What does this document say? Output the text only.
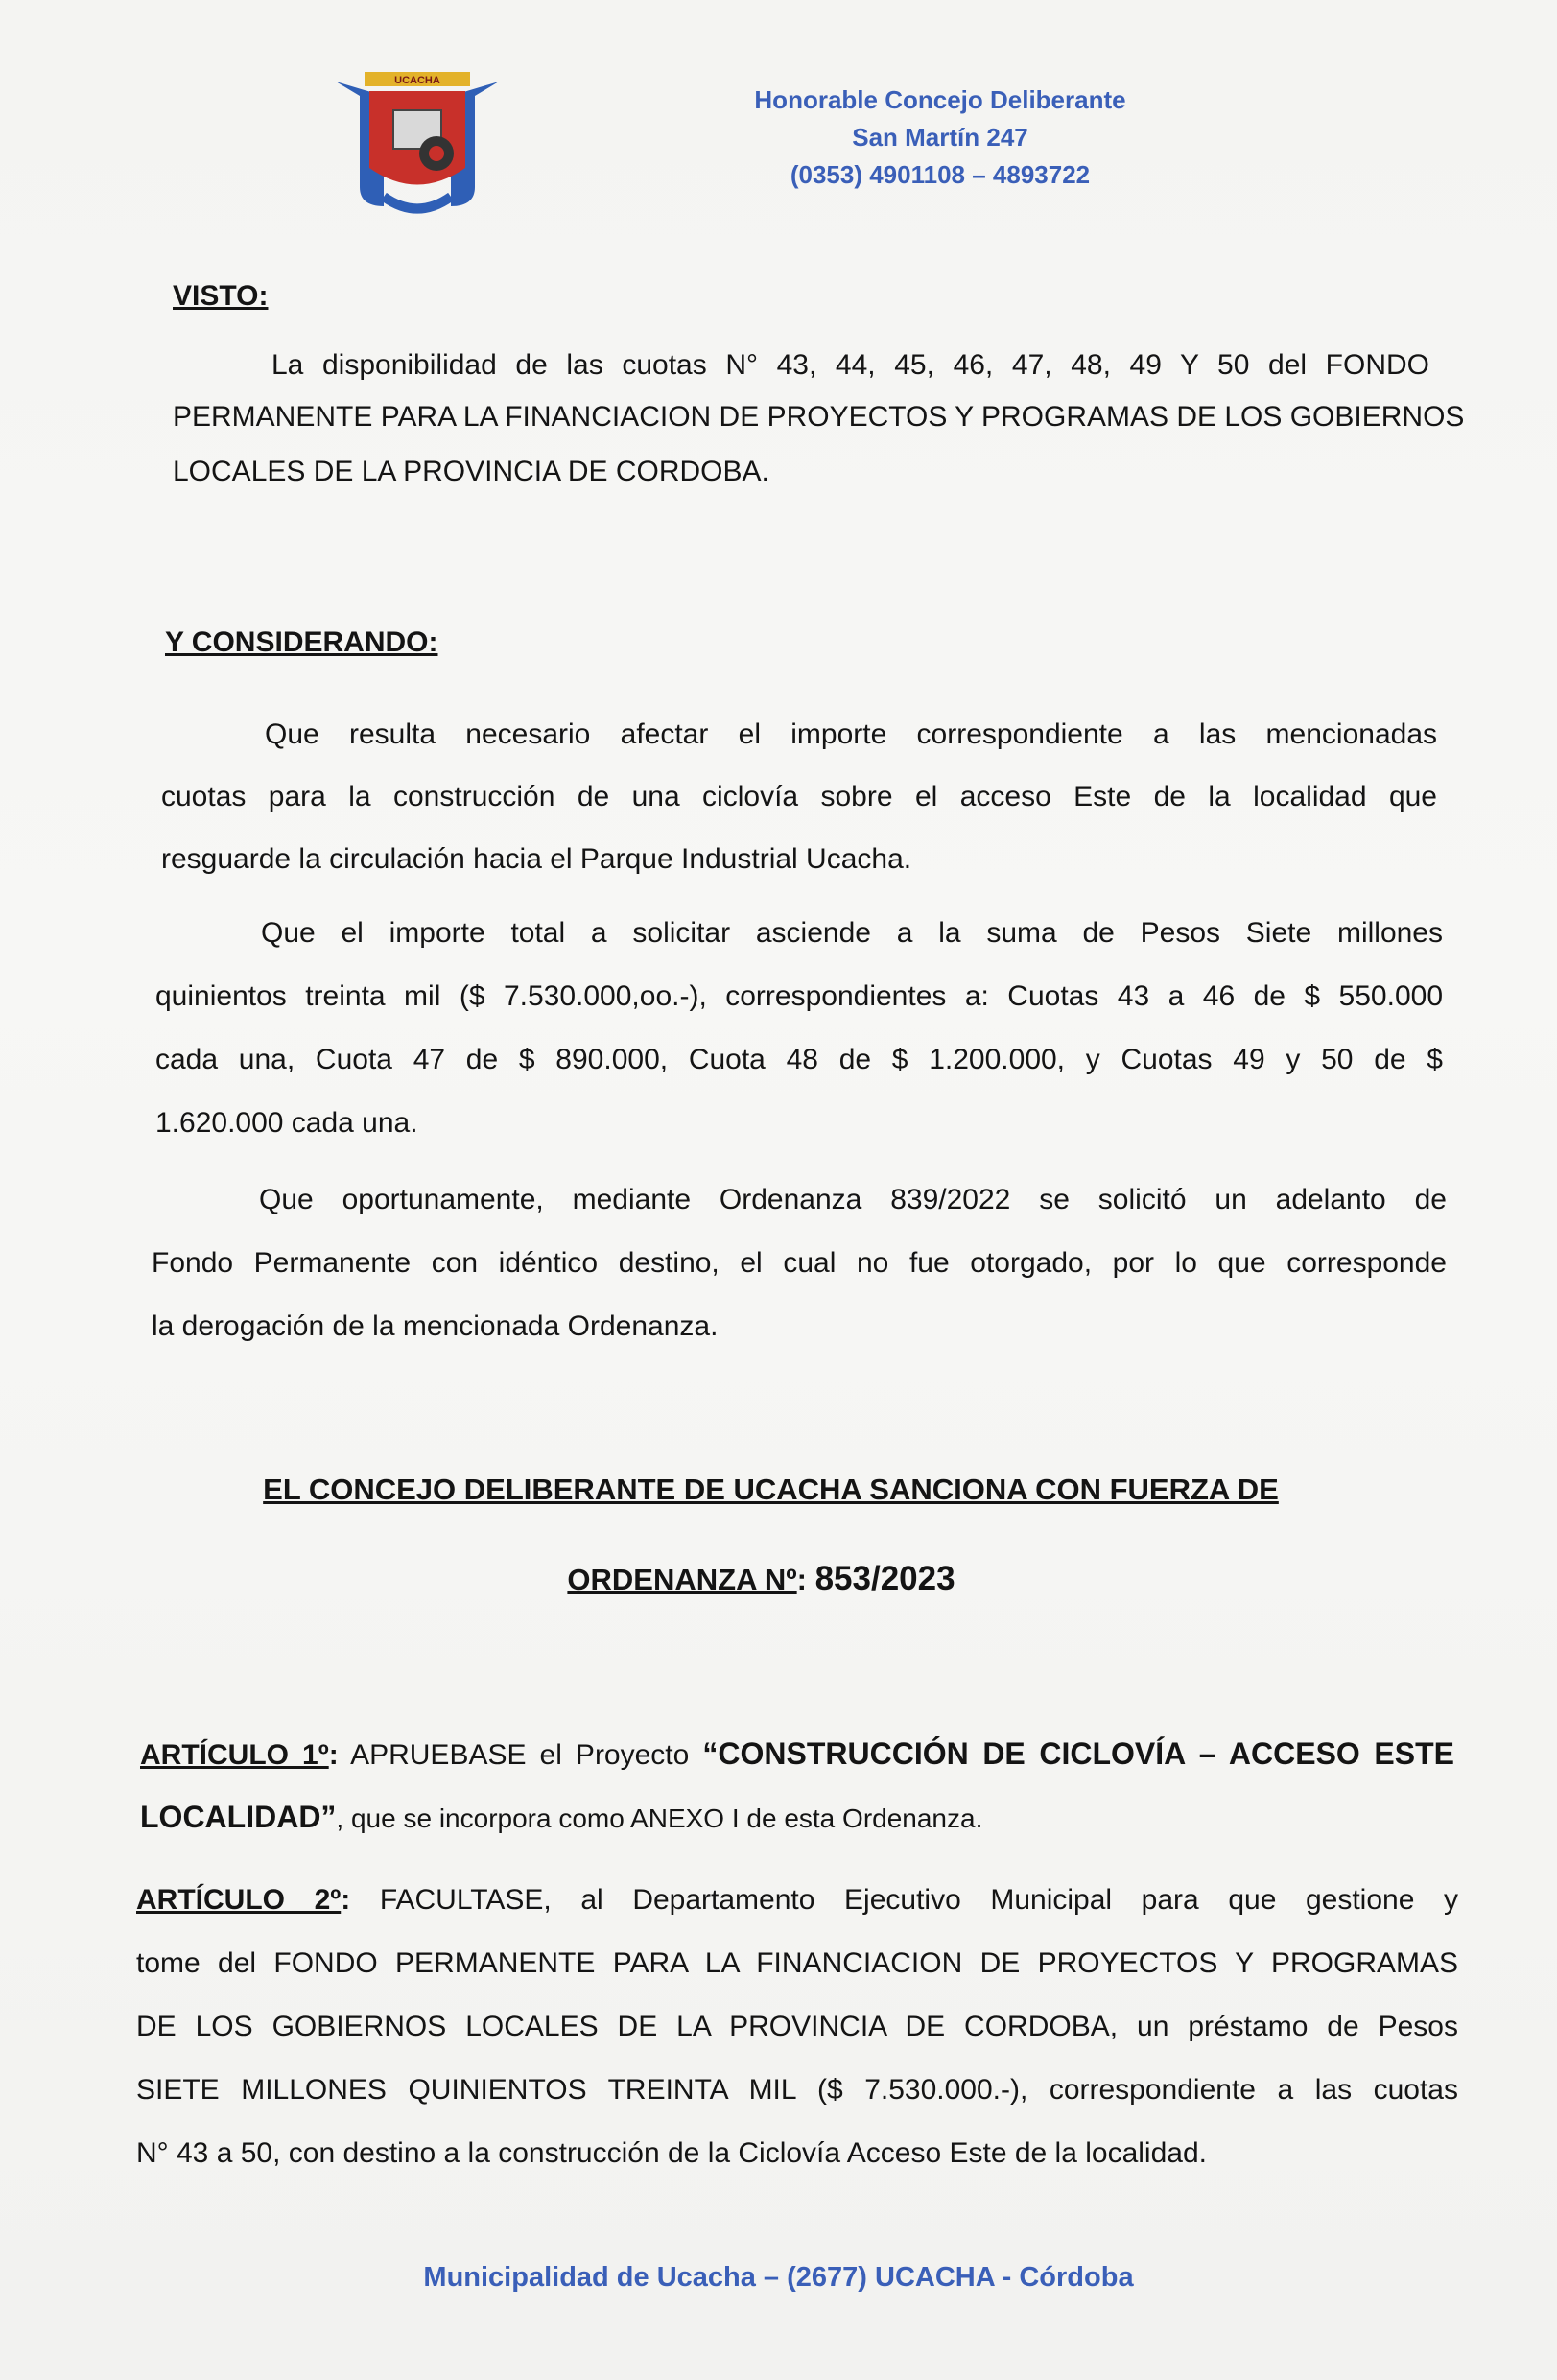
UCACHA
Honorable Concejo Deliberante
San Martín 247
(0353) 4901108 – 4893722
VISTO:
La disponibilidad de las cuotas N° 43, 44, 45, 46, 47, 48, 49 Y 50 del FONDO
PERMANENTE PARA LA FINANCIACION DE PROYECTOS Y PROGRAMAS DE LOS GOBIERNOS
LOCALES DE LA PROVINCIA DE CORDOBA.
Y CONSIDERANDO:
Que resulta necesario afectar el importe correspondiente a las mencionadas
cuotas para la construcción de una ciclovía sobre el acceso Este de la localidad que
resguarde la circulación hacia el Parque Industrial Ucacha.
Que el importe total a solicitar asciende a la suma de Pesos Siete millones
quinientos treinta mil ($ 7.530.000,oo.-), correspondientes a: Cuotas 43 a 46 de $ 550.000
cada una, Cuota 47 de $ 890.000, Cuota 48 de $ 1.200.000, y Cuotas 49 y 50 de $
1.620.000 cada una.
Que oportunamente, mediante Ordenanza 839/2022 se solicitó un adelanto de
Fondo Permanente con idéntico destino, el cual no fue otorgado, por lo que corresponde
la derogación de la mencionada Ordenanza.
EL CONCEJO DELIBERANTE DE UCACHA SANCIONA CON FUERZA DE
ORDENANZA Nº: 853/2023
ARTÍCULO 1º: APRUEBASE el Proyecto “CONSTRUCCIÓN DE CICLOVÍA – ACCESO ESTE
LOCALIDAD”, que se incorpora como ANEXO I de esta Ordenanza.
ARTÍCULO 2º: FACULTASE, al Departamento Ejecutivo Municipal para que gestione y
tome del FONDO PERMANENTE PARA LA FINANCIACION DE PROYECTOS Y PROGRAMAS
DE LOS GOBIERNOS LOCALES DE LA PROVINCIA DE CORDOBA, un préstamo de Pesos
SIETE MILLONES QUINIENTOS TREINTA MIL ($ 7.530.000.-), correspondiente a las cuotas
N° 43 a 50, con destino a la construcción de la Ciclovía Acceso Este de la localidad.
Municipalidad de Ucacha – (2677) UCACHA - Córdoba
